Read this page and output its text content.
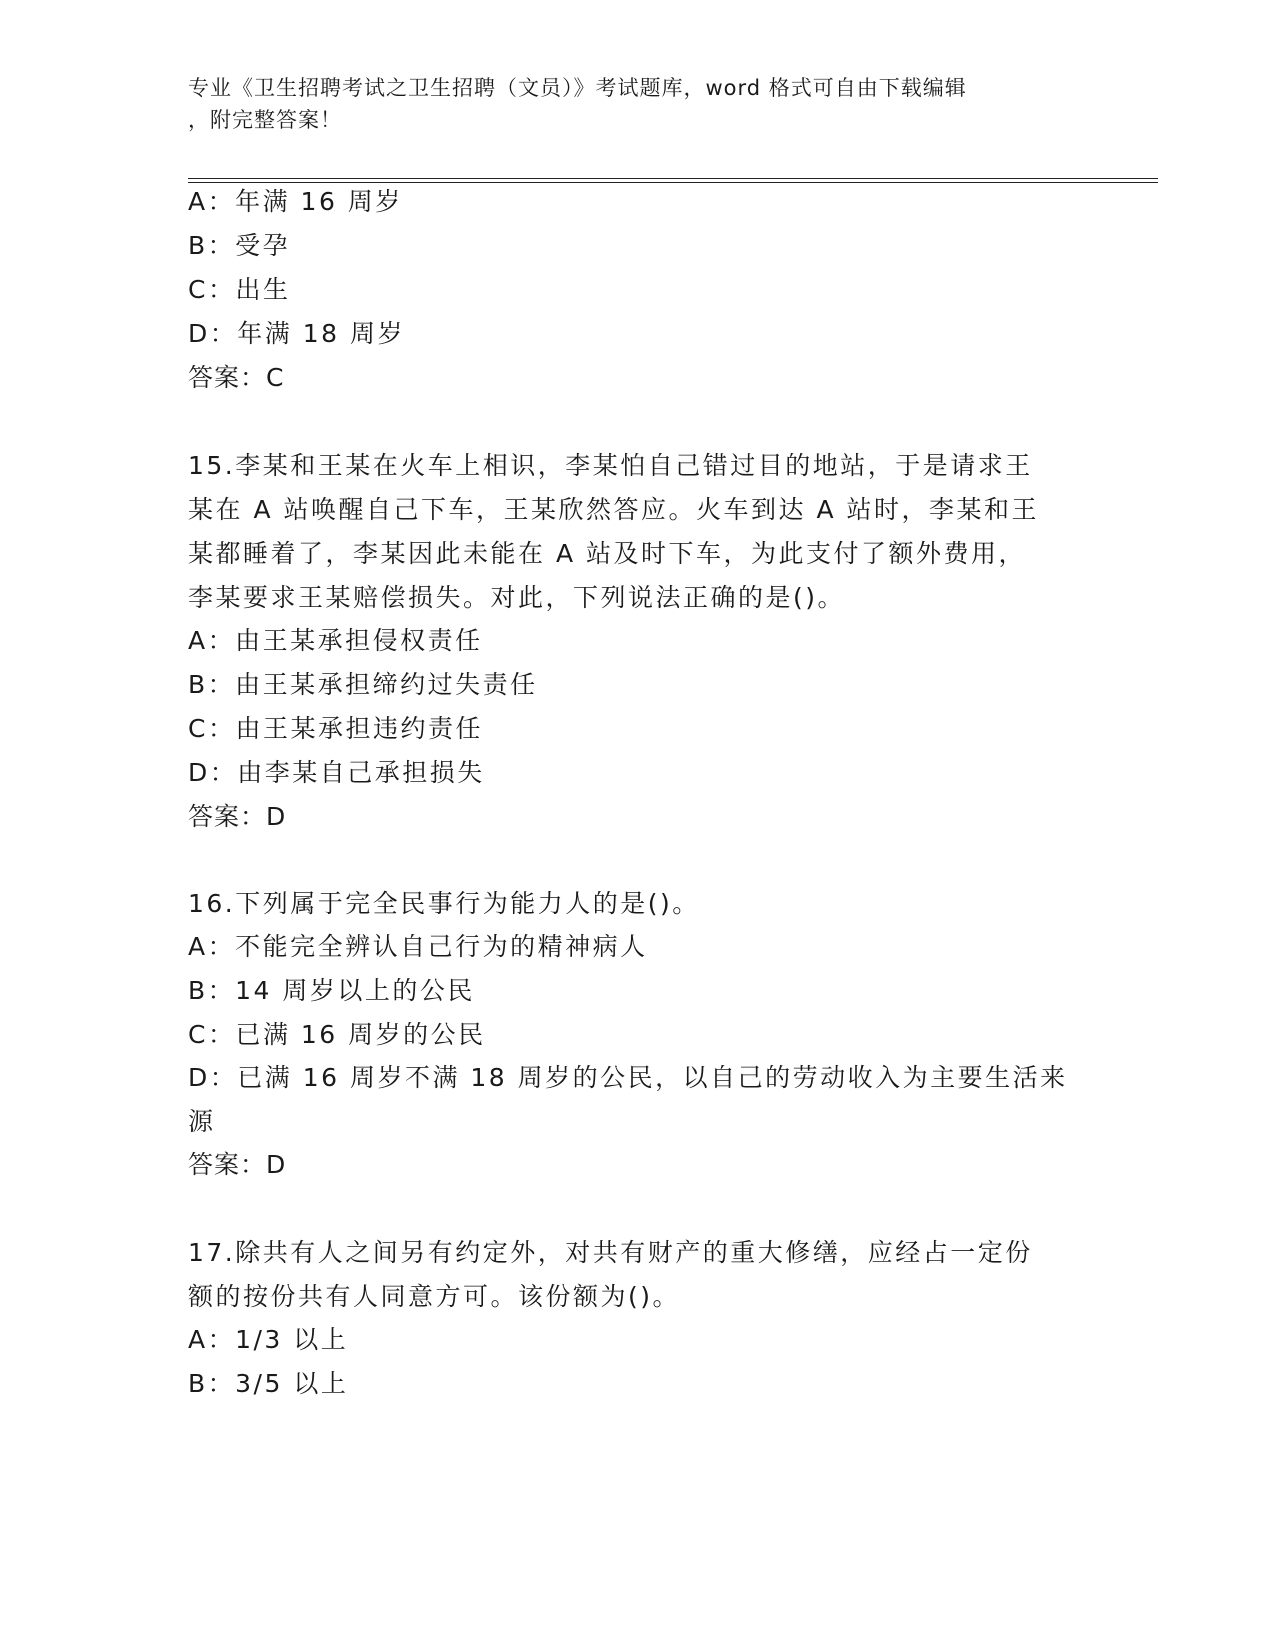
专业《卫生招聘考试之卫生招聘（文员）》考试题库，word 格式可自由下载编辑
，附完整答案！
A：年满 16 周岁
B：受孕
C：出生
D：年满 18 周岁
答案：C
15.李某和王某在火车上相识，李某怕自己错过目的地站，于是请求王
某在 A 站唤醒自己下车，王某欣然答应。火车到达 A 站时，李某和王
某都睡着了，李某因此未能在 A 站及时下车，为此支付了额外费用，
李某要求王某赔偿损失。对此，下列说法正确的是()。
A：由王某承担侵权责任
B：由王某承担缔约过失责任
C：由王某承担违约责任
D：由李某自己承担损失
答案：D
16.下列属于完全民事行为能力人的是()。
A：不能完全辨认自己行为的精神病人
B：14 周岁以上的公民
C：已满 16 周岁的公民
D：已满 16 周岁不满 18 周岁的公民，以自己的劳动收入为主要生活来
源
答案：D
17.除共有人之间另有约定外，对共有财产的重大修缮，应经占一定份
额的按份共有人同意方可。该份额为()。
A：1/3 以上
B：3/5 以上
